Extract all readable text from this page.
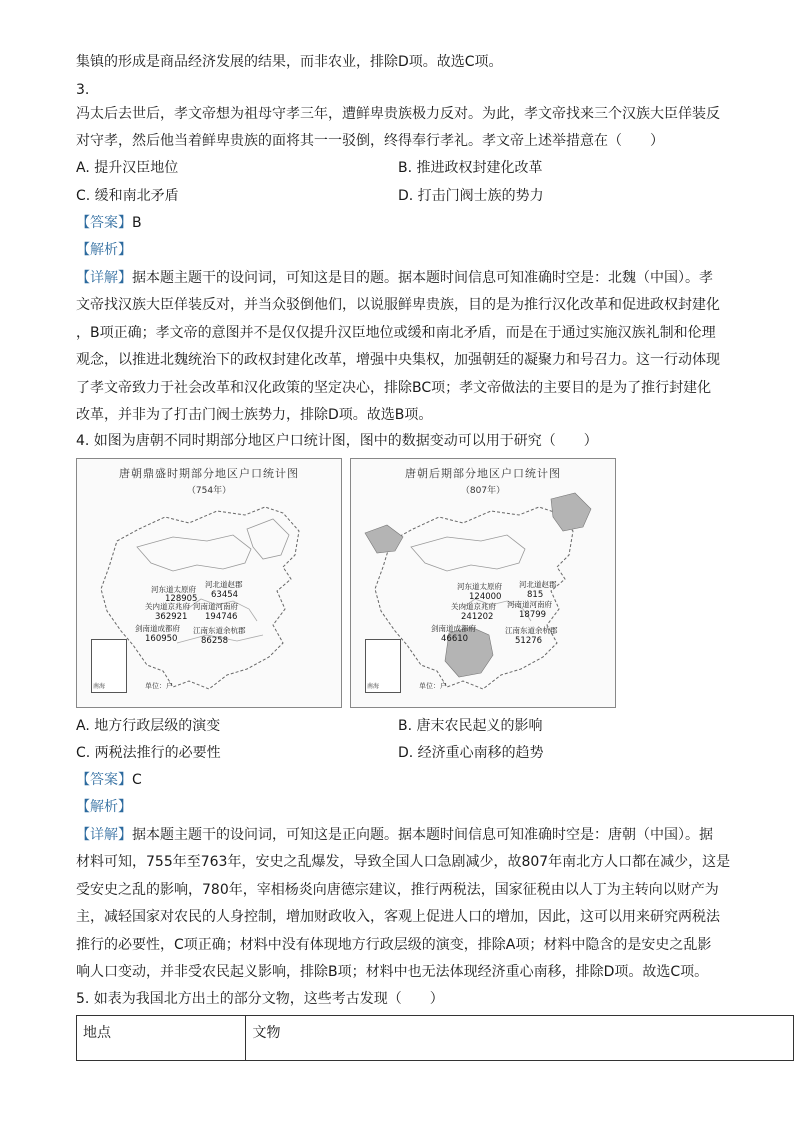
集镇的形成是商品经济发展的结果，而非农业，排除D项。故选C项。
3.
冯太后去世后，孝文帝想为祖母守孝三年，遭鲜卑贵族极力反对。为此，孝文帝找来三个汉族大臣佯装反
对守孝，然后他当着鲜卑贵族的面将其一一驳倒，终得奉行孝礼。孝文帝上述举措意在（　　）
A. 提升汉臣地位	B. 推进政权封建化改革
C. 缓和南北矛盾	D. 打击门阀士族的势力
【答案】B
【解析】
【详解】据本题主题干的设问词，可知这是目的题。据本题时间信息可知准确时空是：北魏（中国）。孝
文帝找汉族大臣佯装反对，并当众驳倒他们，以说服鲜卑贵族，目的是为推行汉化改革和促进政权封建化
，B项正确；孝文帝的意图并不是仅仅提升汉臣地位或缓和南北矛盾，而是在于通过实施汉族礼制和伦理
观念，以推进北魏统治下的政权封建化改革，增强中央集权，加强朝廷的凝聚力和号召力。这一行动体现
了孝文帝致力于社会改革和汉化政策的坚定决心，排除BC项；孝文帝做法的主要目的是为了推行封建化
改革，并非为了打击门阀士族势力，排除D项。故选B项。
4. 如图为唐朝不同时期部分地区户口统计图，图中的数据变动可以用于研究（　　）
唐朝鼎盛时期部分地区户口统计图
（754年）
河东道太原府
128905
河北道赵郡
63454
关内道京兆府
362921
河南道河南府
194746
剑南道成都府
160950
江南东道余杭郡
86258
南海	单位：户
唐朝后期部分地区户口统计图
（807年）
河东道太原府
124000
河北道赵郡
815
关内道京兆府
241202
河南道河南府
18799
剑南道成都府
46610
江南东道余杭郡
51276
南海	单位：户
A. 地方行政层级的演变	B. 唐末农民起义的影响
C. 两税法推行的必要性	D. 经济重心南移的趋势
【答案】C
【解析】
【详解】据本题主题干的设问词，可知这是正向题。据本题时间信息可知准确时空是：唐朝（中国）。据
材料可知，755年至763年，安史之乱爆发，导致全国人口急剧减少，故807年南北方人口都在减少，这是
受安史之乱的影响，780年，宰相杨炎向唐德宗建议，推行两税法，国家征税由以人丁为主转向以财产为
主，减轻国家对农民的人身控制，增加财政收入，客观上促进人口的增加，因此，这可以用来研究两税法
推行的必要性，C项正确；材料中没有体现地方行政层级的演变，排除A项；材料中隐含的是安史之乱影
响人口变动，并非受农民起义影响，排除B项；材料中也无法体现经济重心南移，排除D项。故选C项。
5. 如表为我国北方出土的部分文物，这些考古发现（　　）
地点	文物
